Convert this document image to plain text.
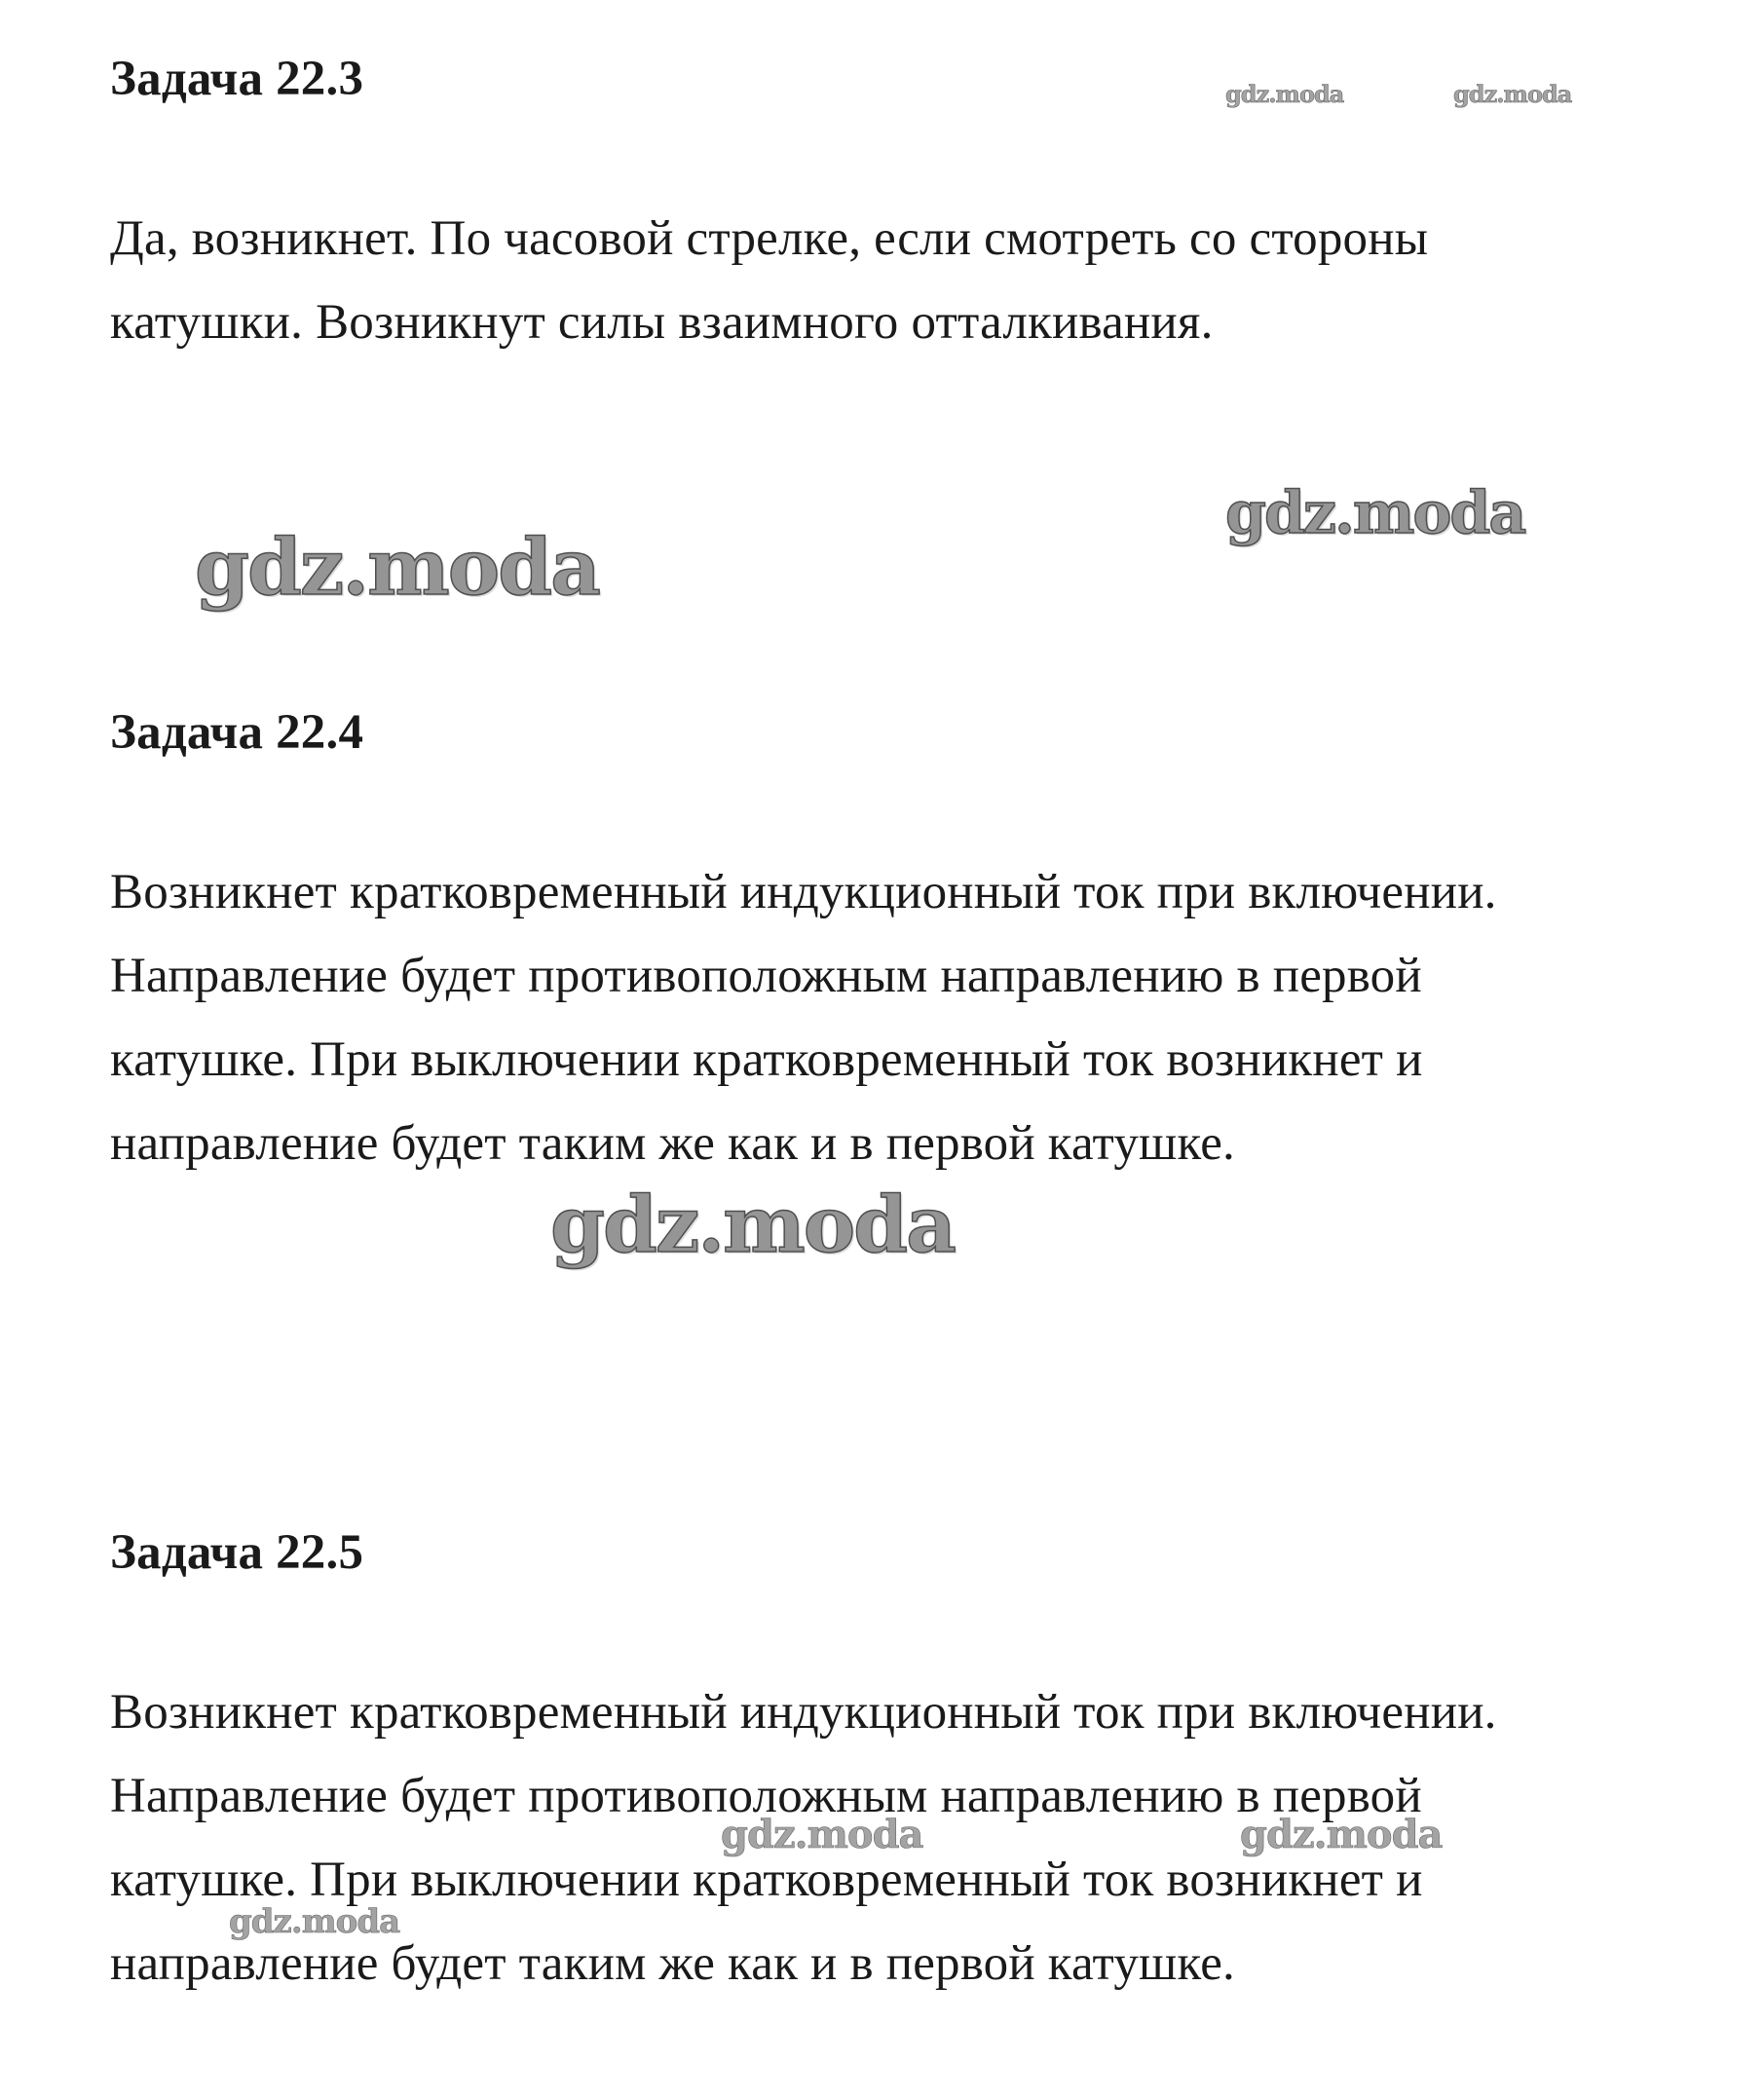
Задача 22.3

Да, возникнет. По часовой стрелке, если смотреть со стороны
катушки. Возникнут силы взаимного отталкивания.

Задача 22.4

Возникнет кратковременный индукционный ток при включении.
Направление будет противоположным направлению в первой
катушке. При выключении кратковременный ток возникнет и
направление будет таким же как и в первой катушке.

Задача 22.5

Возникнет кратковременный индукционный ток при включении.
Направление будет противоположным направлению в первой
катушке. При выключении кратковременный ток возникнет и
направление будет таким же как и в первой катушке.

gdz.moda	gdz.moda
gdz.moda
gdz.moda
gdz.moda
gdz.moda	gdz.moda
gdz.moda
